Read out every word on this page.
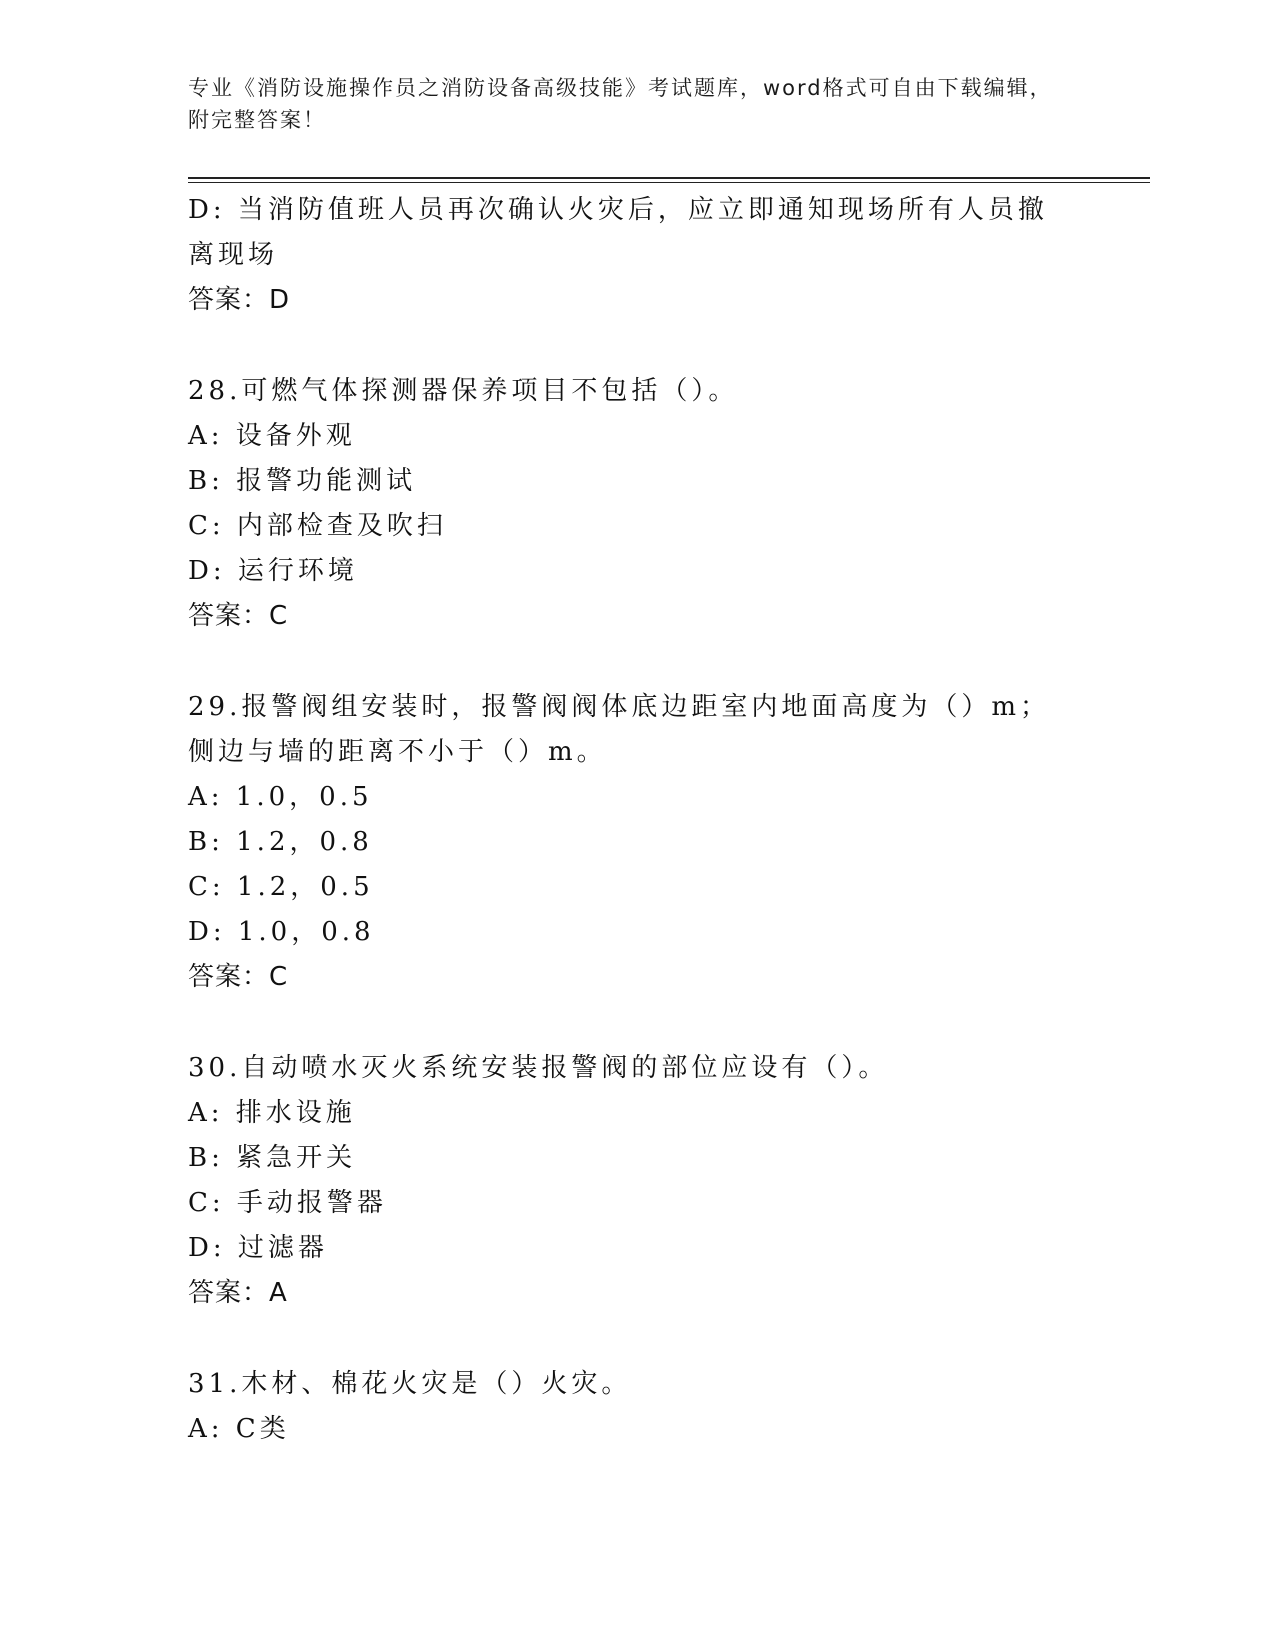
专业《消防设施操作员之消防设备高级技能》考试题库，word格式可自由下载编辑，附完整答案！

D: 当消防值班人员再次确认火灾后，应立即通知现场所有人员撤离现场

答案：D

28.可燃气体探测器保养项目不包括（）。

A: 设备外观

B: 报警功能测试

C: 内部检查及吹扫

D: 运行环境

答案：C

29.报警阀组安装时，报警阀阀体底边距室内地面高度为（）m；侧边与墙的距离不小于（）m。

A: 1.0，0.5

B: 1.2，0.8

C: 1.2，0.5

D: 1.0，0.8

答案：C

30.自动喷水灭火系统安装报警阀的部位应设有（）。

A: 排水设施

B: 紧急开关

C: 手动报警器

D: 过滤器

答案：A

31.木材、棉花火灾是（）火灾。

A: C类
